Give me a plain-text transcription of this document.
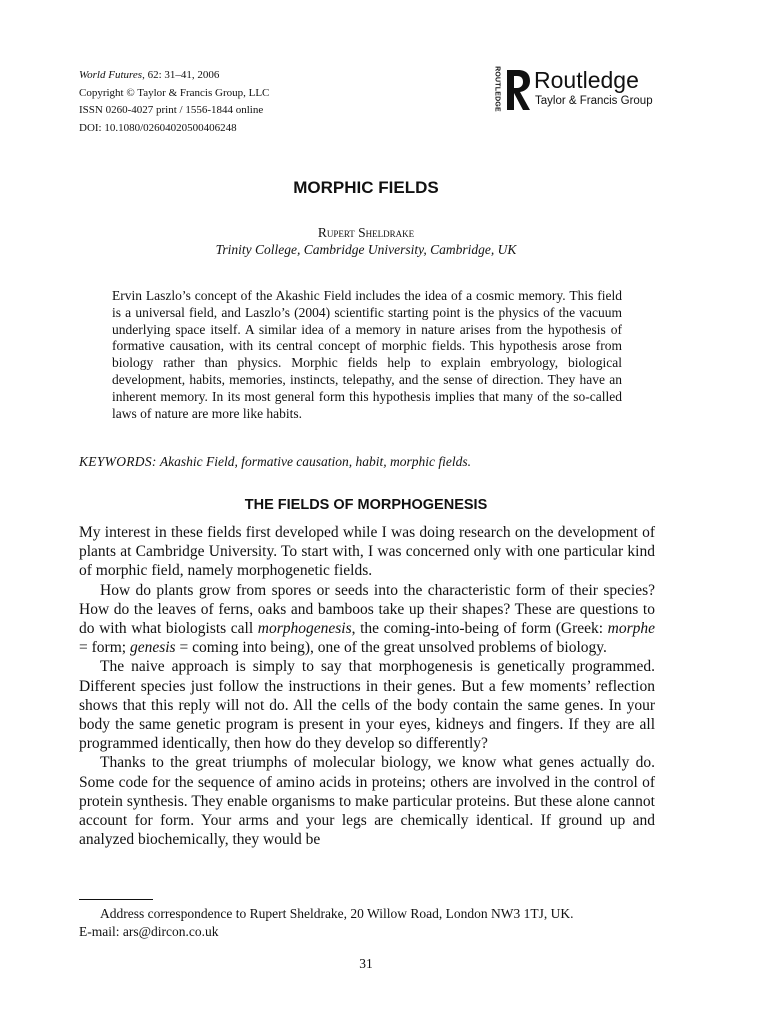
World Futures, 62: 31–41, 2006
Copyright © Taylor & Francis Group, LLC
ISSN 0260-4027 print / 1556-1844 online
DOI: 10.1080/02604020500406248
ROUTLEDGE Routledge
Taylor & Francis Group
MORPHIC FIELDS
Rupert Sheldrake
Trinity College, Cambridge University, Cambridge, UK

Ervin Laszlo’s concept of the Akashic Field includes the idea of a cosmic memory. This field is a universal field, and Laszlo’s (2004) scientific starting point is the physics of the vacuum underlying space itself. A similar idea of a memory in nature arises from the hypothesis of formative causation, with its central concept of morphic fields. This hypothesis arose from biology rather than physics. Morphic fields help to explain embryology, biological development, habits, memories, instincts, telepathy, and the sense of direction. They have an inherent memory. In its most general form this hypothesis implies that many of the so-called laws of nature are more like habits.

KEYWORDS: Akashic Field, formative causation, habit, morphic fields.
THE FIELDS OF MORPHOGENESIS

My interest in these fields first developed while I was doing research on the development of plants at Cambridge University. To start with, I was concerned only with one particular kind of morphic field, namely morphogenetic fields.

How do plants grow from spores or seeds into the characteristic form of their species? How do the leaves of ferns, oaks and bamboos take up their shapes? These are questions to do with what biologists call morphogenesis, the coming-into-being of form (Greek: morphe = form; genesis = coming into being), one of the great unsolved problems of biology.

The naive approach is simply to say that morphogenesis is genetically programmed. Different species just follow the instructions in their genes. But a few moments’ reflection shows that this reply will not do. All the cells of the body contain the same genes. In your body the same genetic program is present in your eyes, kidneys and fingers. If they are all programmed identically, then how do they develop so differently?

Thanks to the great triumphs of molecular biology, we know what genes actually do. Some code for the sequence of amino acids in proteins; others are involved in the control of protein synthesis. They enable organisms to make particular proteins. But these alone cannot account for form. Your arms and your legs are chemically identical. If ground up and analyzed biochemically, they would be

Address correspondence to Rupert Sheldrake, 20 Willow Road, London NW3 1TJ, UK.
E-mail: ars@dircon.co.uk
31
